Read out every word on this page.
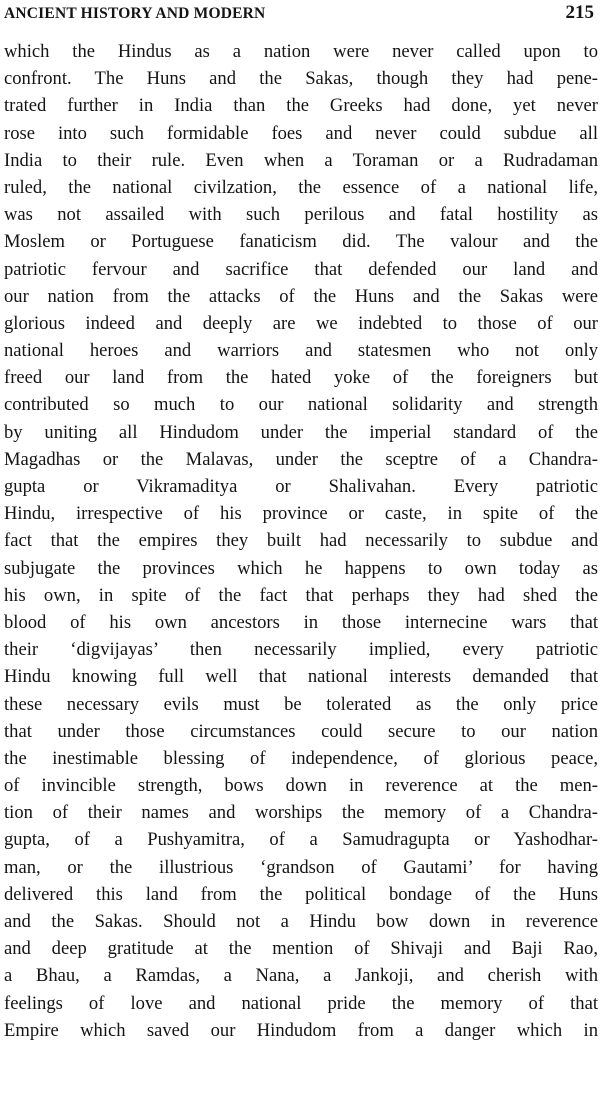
ANCIENT HISTORY AND MODERN	215
which the Hindus as a nation were never called upon to
confront. The Huns and the Sakas, though they had pene-
trated further in India than the Greeks had done, yet never
rose into such formidable foes and never could subdue all
India to their rule. Even when a Toraman or a Rudradaman
ruled, the national civilzation, the essence of a national life,
was not assailed with such perilous and fatal hostility as
Moslem or Portuguese fanaticism did. The valour and the
patriotic fervour and sacrifice that defended our land and
our nation from the attacks of the Huns and the Sakas were
glorious indeed and deeply are we indebted to those of our
national heroes and warriors and statesmen who not only
freed our land from the hated yoke of the foreigners but
contributed so much to our national solidarity and strength
by uniting all Hindudom under the imperial standard of the
Magadhas or the Malavas, under the sceptre of a Chandra-
gupta or Vikramaditya or Shalivahan. Every patriotic
Hindu, irrespective of his province or caste, in spite of the
fact that the empires they built had necessarily to subdue and
subjugate the provinces which he happens to own today as
his own, in spite of the fact that perhaps they had shed the
blood of his own ancestors in those internecine wars that
their ‘digvijayas’ then necessarily implied, every patriotic
Hindu knowing full well that national interests demanded that
these necessary evils must be tolerated as the only price
that under those circumstances could secure to our nation
the inestimable blessing of independence, of glorious peace,
of invincible strength, bows down in reverence at the men-
tion of their names and worships the memory of a Chandra-
gupta, of a Pushyamitra, of a Samudragupta or Yashodhar-
man, or the illustrious ‘grandson of Gautami’ for having
delivered this land from the political bondage of the Huns
and the Sakas. Should not a Hindu bow down in reverence
and deep gratitude at the mention of Shivaji and Baji Rao,
a Bhau, a Ramdas, a Nana, a Jankoji, and cherish with
feelings of love and national pride the memory of that
Empire which saved our Hindudom from a danger which in
